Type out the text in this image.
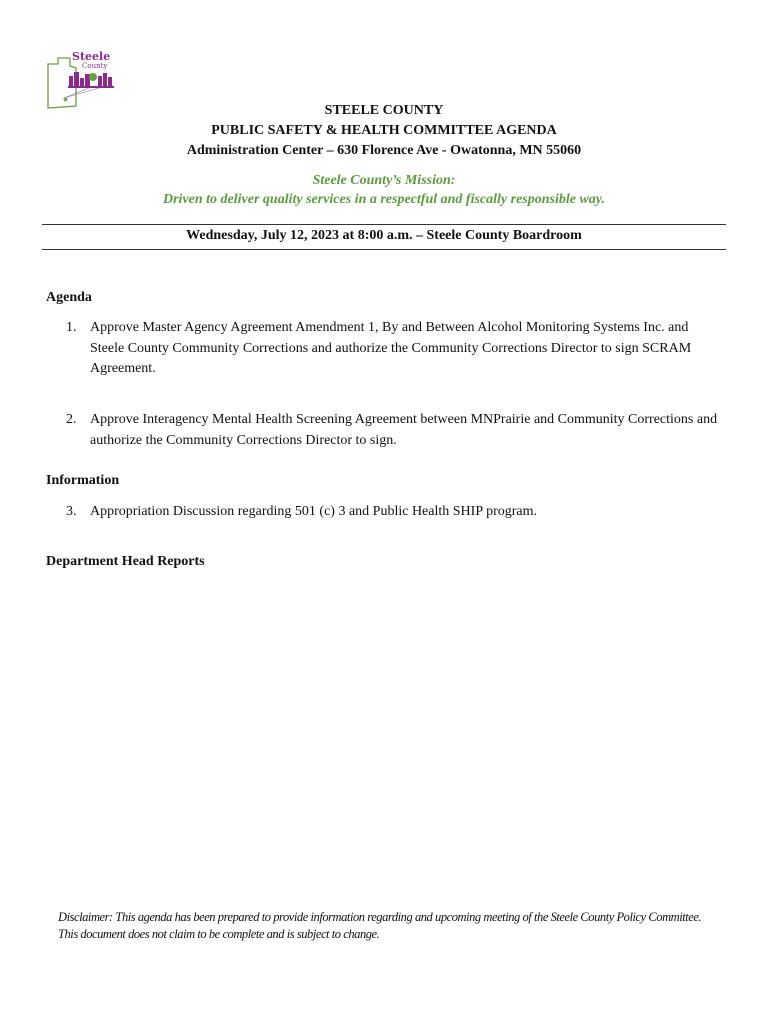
★
Steele
County
STEELE COUNTY
PUBLIC SAFETY & HEALTH COMMITTEE AGENDA
Administration Center – 630 Florence Ave - Owatonna, MN 55060
Steele County’s Mission:
Driven to deliver quality services in a respectful and fiscally responsible way.
Wednesday, July 12, 2023 at 8:00 a.m. – Steele County Boardroom
Agenda
1. Approve Master Agency Agreement Amendment 1, By and Between Alcohol Monitoring Systems Inc. and Steele County Community Corrections and authorize the Community Corrections Director to sign SCRAM Agreement.
2. Approve Interagency Mental Health Screening Agreement between MNPrairie and Community Corrections and authorize the Community Corrections Director to sign.
Information
3. Appropriation Discussion regarding 501 (c) 3 and Public Health SHIP program.
Department Head Reports
Disclaimer: This agenda has been prepared to provide information regarding and upcoming meeting of the Steele County Policy Committee.
This document does not claim to be complete and is subject to change.
